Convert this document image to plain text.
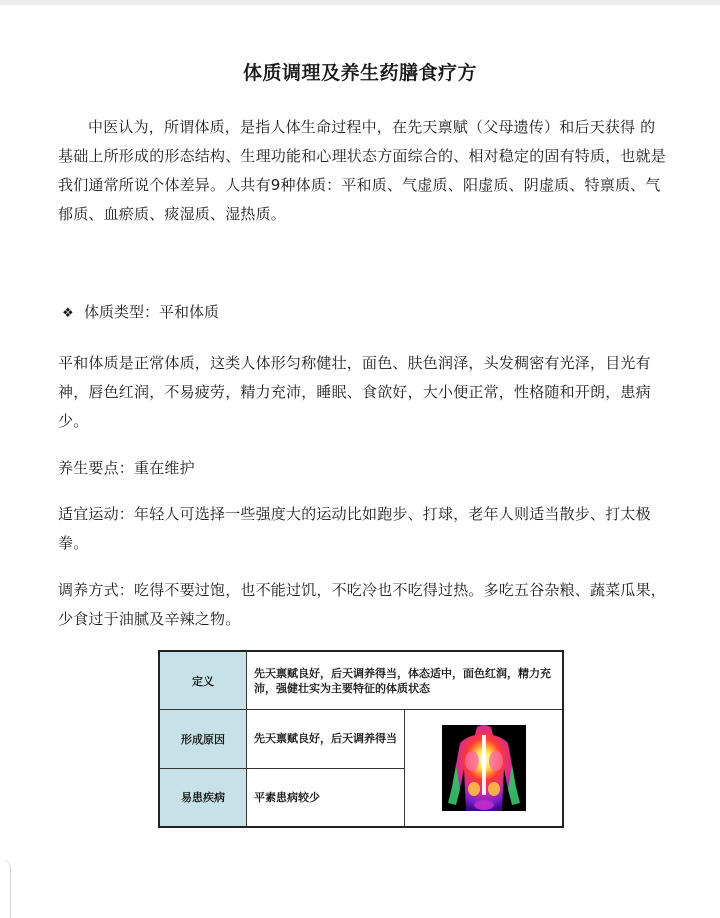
体质调理及养生药膳食疗方

中医认为，所谓体质，是指人体生命过程中，在先天禀赋（父母遗传）和后天获得 的基础上所形成的形态结构、生理功能和心理状态方面综合的、相对稳定的固有特质，也就是我们通常所说个体差异。人共有9种体质：平和质、气虚质、阳虚质、阴虚质、特禀质、气郁质、血瘀质、痰湿质、湿热质。

❖ 体质类型：平和体质

平和体质是正常体质，这类人体形匀称健壮，面色、肤色润泽，头发稠密有光泽，目光有神，唇色红润，不易疲劳，精力充沛，睡眠、食欲好，大小便正常，性格随和开朗，患病少。

养生要点：重在维护

适宜运动：年轻人可选择一些强度大的运动比如跑步、打球，老年人则适当散步、打太极拳。

调养方式：吃得不要过饱，也不能过饥，不吃冷也不吃得过热。多吃五谷杂粮、蔬菜瓜果，少食过于油腻及辛辣之物。

定义	先天禀赋良好，后天调养得当，体态适中，面色红润，精力充沛，强健壮实为主要特征的体质状态	
形成原因	先天禀赋良好，后天调养得当	

易患疾病	平素患病较少	
